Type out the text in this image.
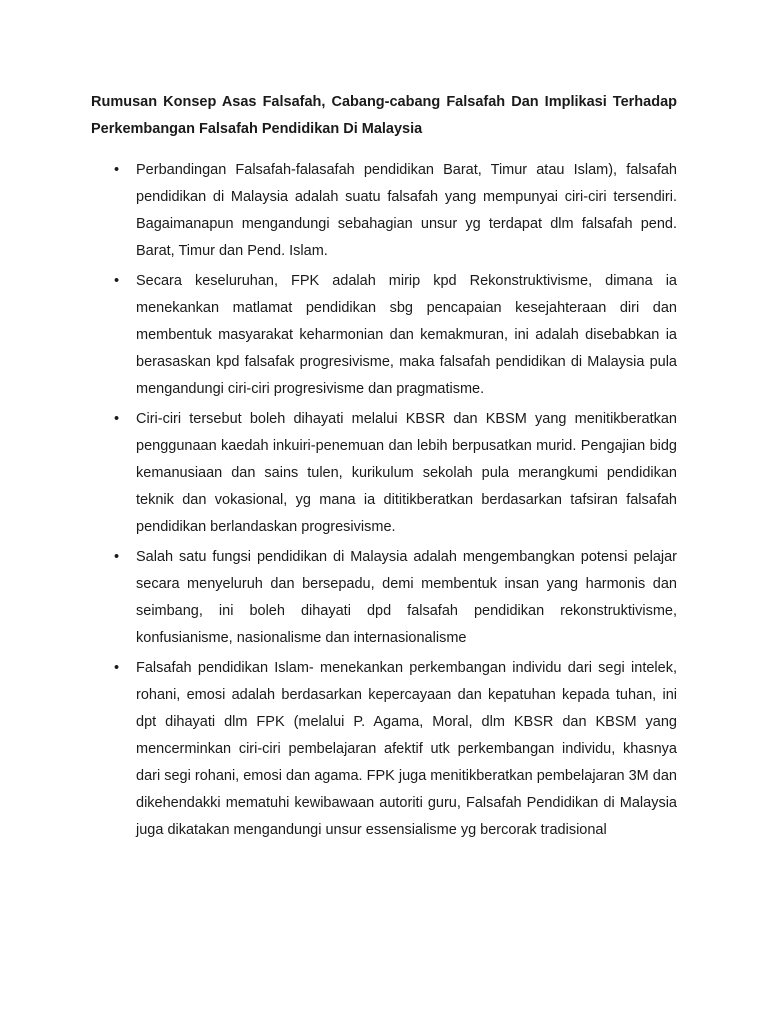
Rumusan Konsep Asas Falsafah, Cabang-cabang Falsafah Dan Implikasi Terhadap Perkembangan Falsafah Pendidikan Di Malaysia
•	Perbandingan Falsafah-falasafah pendidikan Barat, Timur atau Islam), falsafah pendidikan di Malaysia adalah suatu falsafah yang mempunyai ciri-ciri tersendiri. Bagaimanapun mengandungi sebahagian unsur yg terdapat dlm falsafah pend. Barat, Timur dan Pend. Islam.
•	Secara keseluruhan, FPK adalah mirip kpd Rekonstruktivisme, dimana ia menekankan matlamat pendidikan sbg pencapaian kesejahteraan diri dan membentuk masyarakat keharmonian dan kemakmuran, ini adalah disebabkan ia berasaskan kpd falsafak progresivisme, maka falsafah pendidikan di Malaysia pula mengandungi ciri-ciri progresivisme dan pragmatisme.
•	Ciri-ciri tersebut boleh dihayati melalui KBSR dan KBSM yang menitikberatkan penggunaan kaedah inkuiri-penemuan dan lebih berpusatkan murid. Pengajian bidg kemanusiaan dan sains tulen, kurikulum sekolah pula merangkumi pendidikan teknik dan vokasional, yg mana ia dititikberatkan berdasarkan tafsiran falsafah pendidikan berlandaskan progresivisme.
•	Salah satu fungsi pendidikan di Malaysia adalah mengembangkan potensi pelajar secara menyeluruh dan bersepadu, demi membentuk insan yang harmonis dan seimbang, ini boleh dihayati dpd falsafah pendidikan rekonstruktivisme, konfusianisme, nasionalisme dan internasionalisme
•	Falsafah pendidikan Islam- menekankan perkembangan individu dari segi intelek, rohani, emosi adalah berdasarkan kepercayaan dan kepatuhan kepada tuhan, ini dpt dihayati dlm FPK (melalui P. Agama, Moral, dlm KBSR dan KBSM yang mencerminkan ciri-ciri pembelajaran afektif utk perkembangan individu, khasnya dari segi rohani, emosi dan agama. FPK juga menitikberatkan pembelajaran 3M dan dikehendakki mematuhi kewibawaan autoriti guru, Falsafah Pendidikan di Malaysia juga dikatakan mengandungi unsur essensialisme yg bercorak tradisional
